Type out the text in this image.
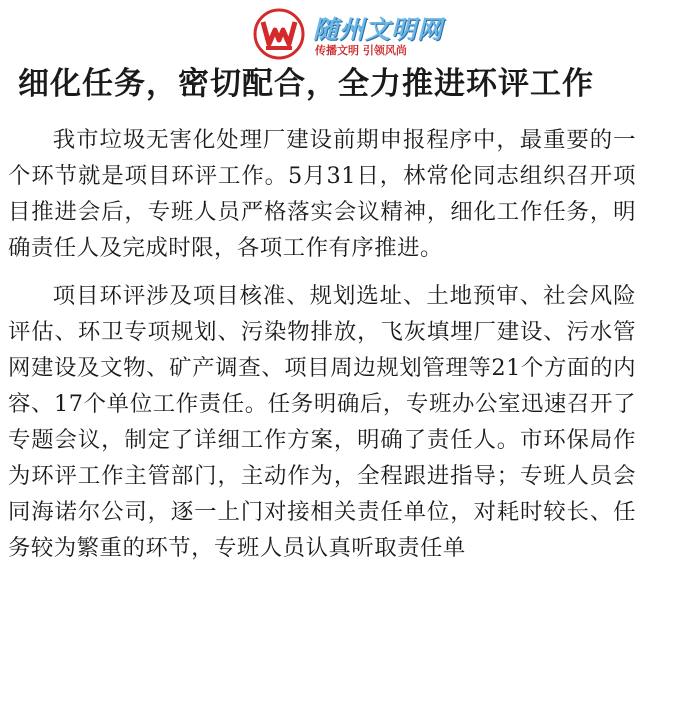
随州文明网
传播文明 引领风尚
细化任务，密切配合，全力推进环评工作

我市垃圾无害化处理厂建设前期申报程序中，最重要的一个环节就是项目环评工作。5月31日，林常伦同志组织召开项目推进会后，专班人员严格落实会议精神，细化工作任务，明确责任人及完成时限，各项工作有序推进。

项目环评涉及项目核准、规划选址、土地预审、社会风险评估、环卫专项规划、污染物排放，飞灰填埋厂建设、污水管网建设及文物、矿产调查、项目周边规划管理等21个方面的内容、17个单位工作责任。任务明确后，专班办公室迅速召开了专题会议，制定了详细工作方案，明确了责任人。市环保局作为环评工作主管部门，主动作为，全程跟进指导；专班人员会同海诺尔公司，逐一上门对接相关责任单位，对耗时较长、任务较为繁重的环节，专班人员认真听取责任单
